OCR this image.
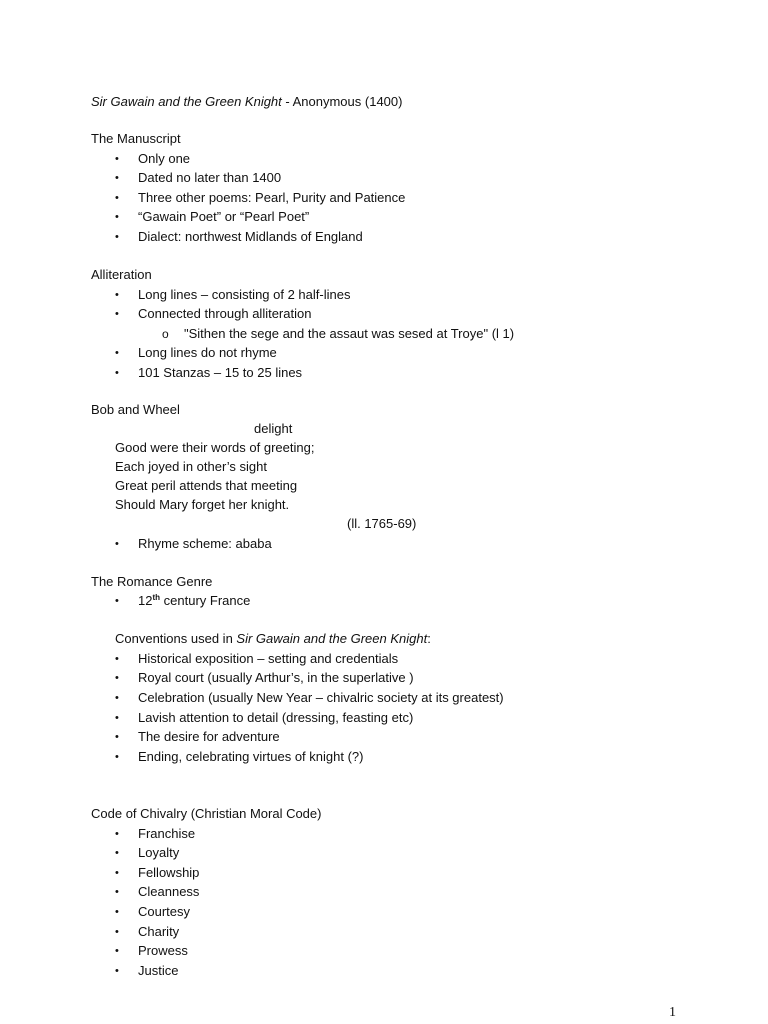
Sir Gawain and the Green Knight - Anonymous (1400)
The Manuscript
• Only one
• Dated no later than 1400
• Three other poems: Pearl, Purity and Patience
• “Gawain Poet” or “Pearl Poet”
• Dialect: northwest Midlands of England
Alliteration
• Long lines – consisting of 2 half-lines
• Connected through alliteration
o "Sithen the sege and the assaut was sesed at Troye" (l 1)
• Long lines do not rhyme
• 101 Stanzas – 15 to 25 lines
Bob and Wheel
delight
Good were their words of greeting;
Each joyed in other’s sight
Great peril attends that meeting
Should Mary forget her knight.
(ll. 1765-69)
• Rhyme scheme: ababa
The Romance Genre
• 12th century France
Conventions used in Sir Gawain and the Green Knight:
• Historical exposition – setting and credentials
• Royal court (usually Arthur’s, in the superlative )
• Celebration (usually New Year – chivalric society at its greatest)
• Lavish attention to detail (dressing, feasting etc)
• The desire for adventure
• Ending, celebrating virtues of knight (?)
Code of Chivalry (Christian Moral Code)
• Franchise
• Loyalty
• Fellowship
• Cleanness
• Courtesy
• Charity
• Prowess
• Justice
1
